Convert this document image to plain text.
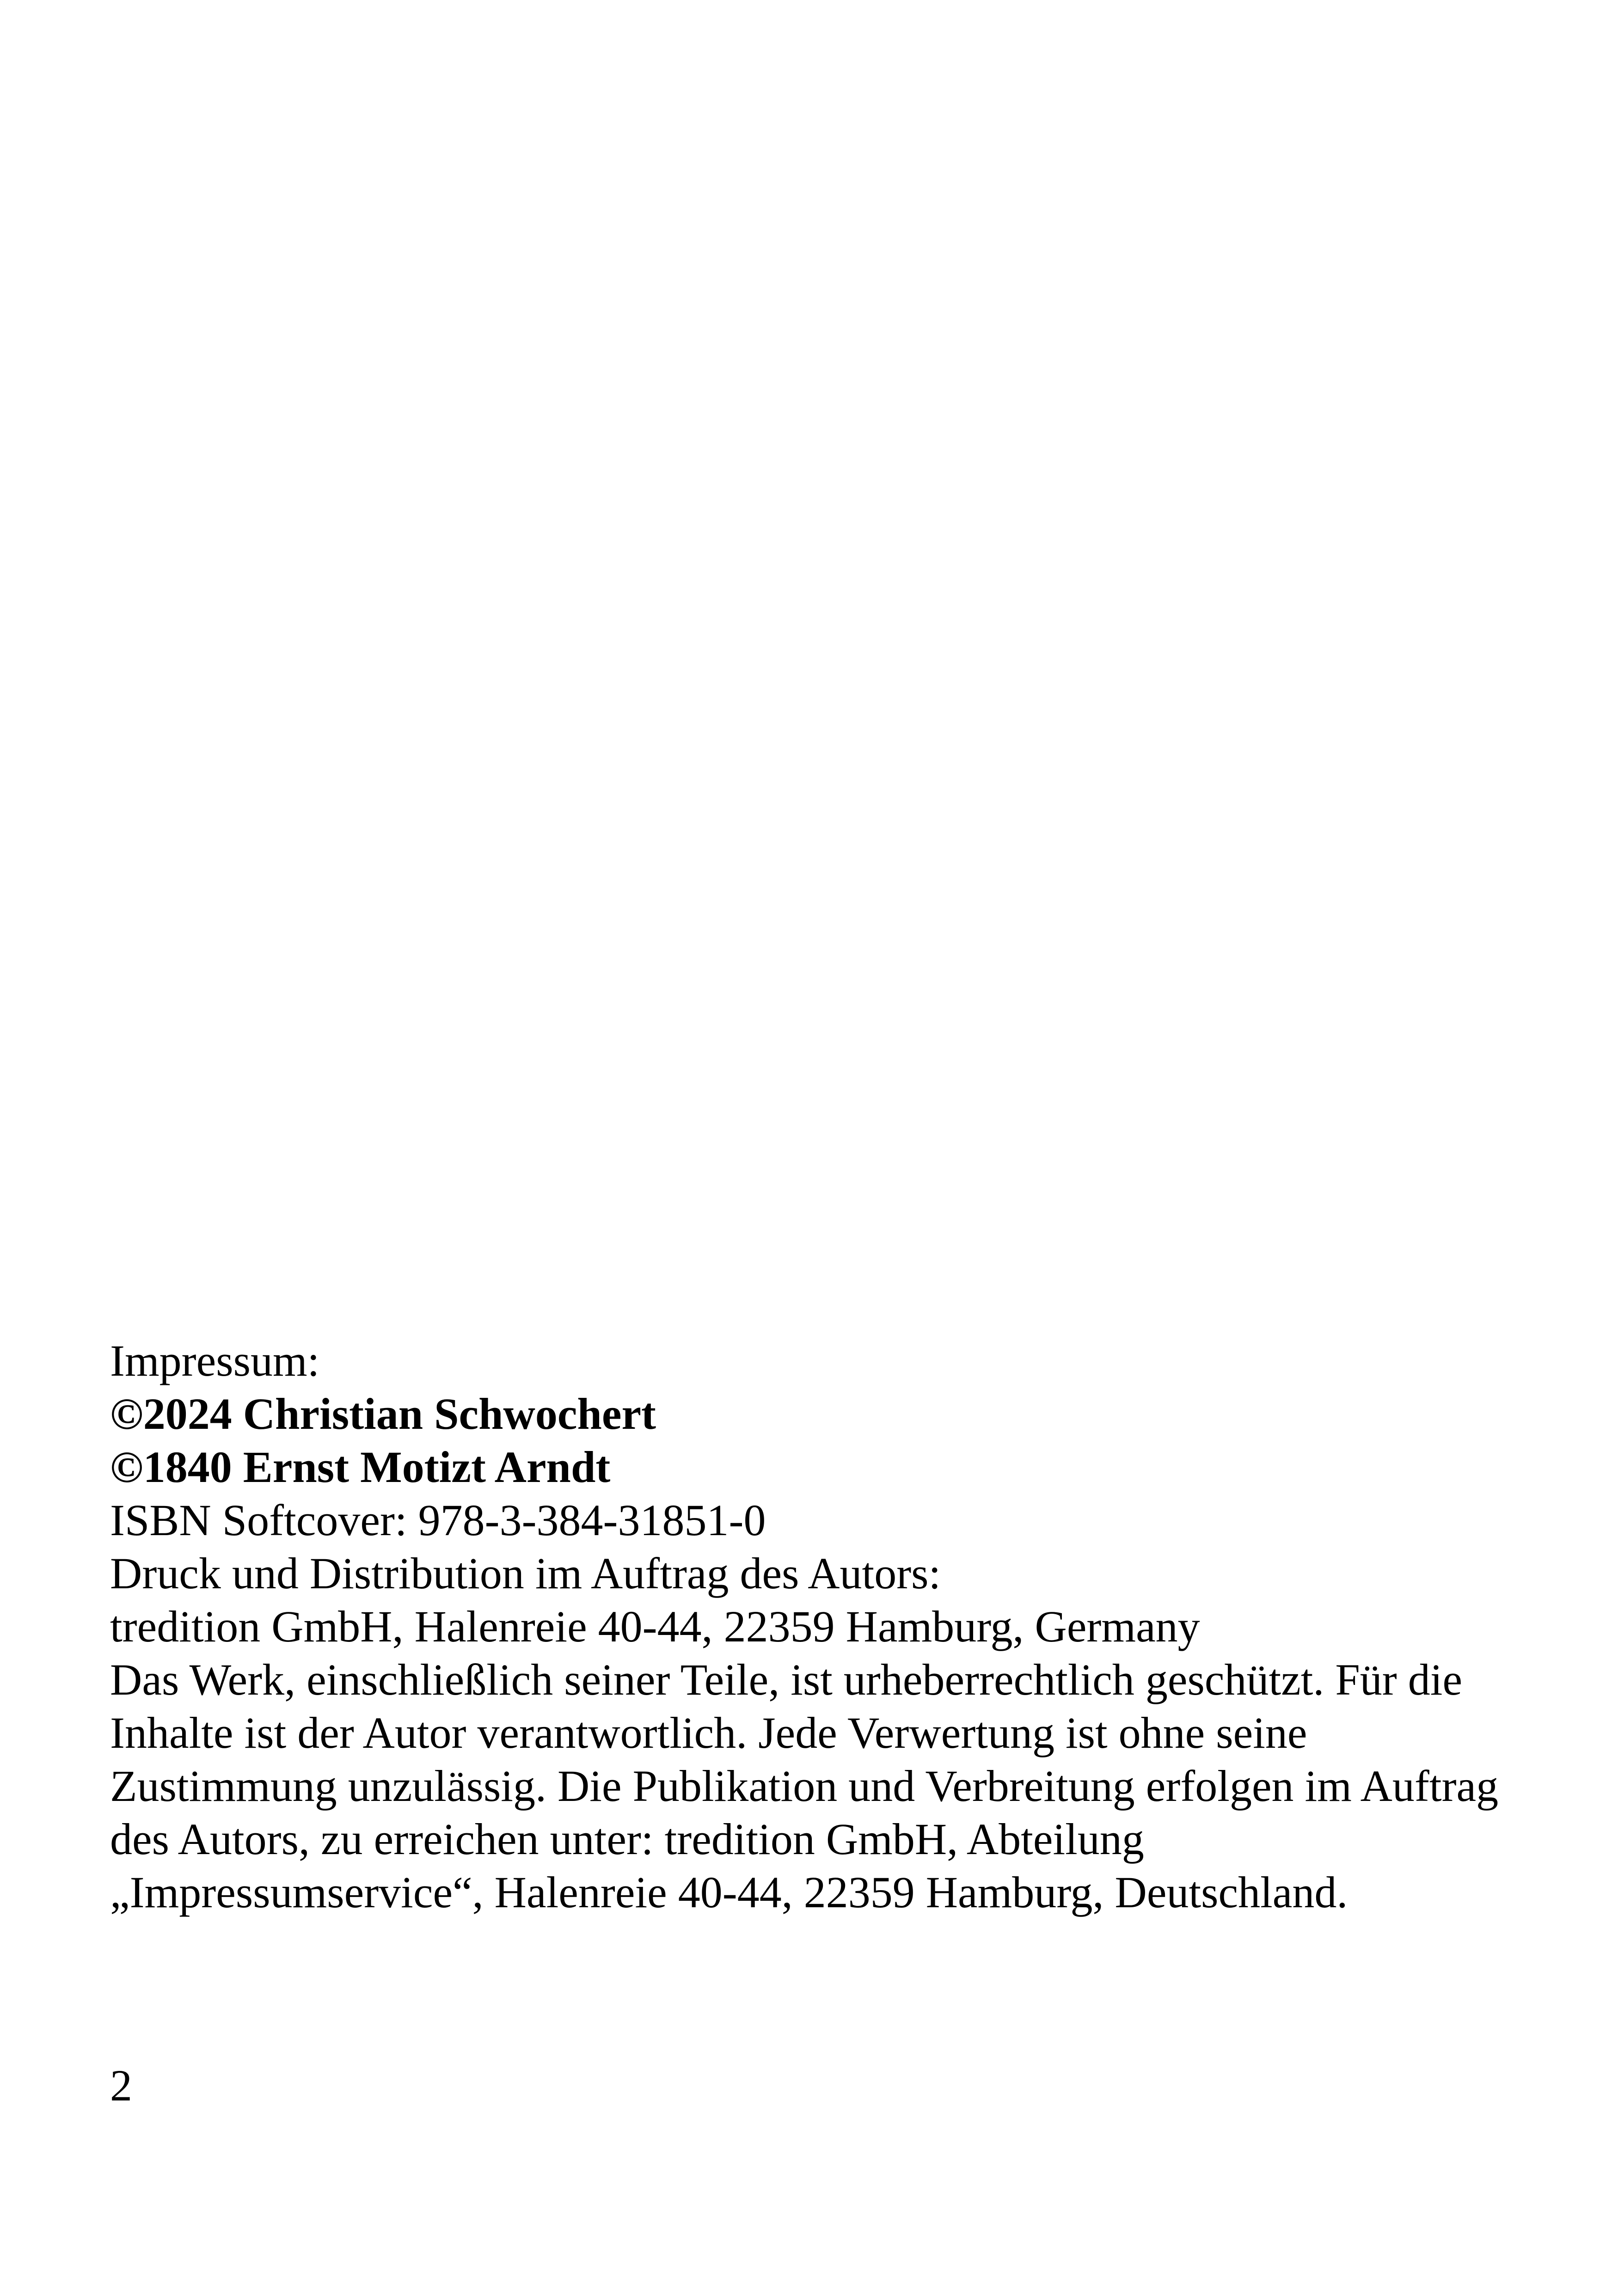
Impressum:
©2024 Christian Schwochert
©1840 Ernst Motizt Arndt
ISBN Softcover: 978-3-384-31851-0
Druck und Distribution im Auftrag des Autors:
tredition GmbH, Halenreie 40-44, 22359 Hamburg, Germany
Das Werk, einschließlich seiner Teile, ist urheberrechtlich geschützt. Für die Inhalte ist der Autor verantwortlich. Jede Verwertung ist ohne seine Zustimmung unzulässig. Die Publikation und Verbreitung erfolgen im Auftrag des Autors, zu erreichen unter: tredition GmbH, Abteilung „Impressumservice“, Halenreie 40-44, 22359 Hamburg, Deutschland.
2
